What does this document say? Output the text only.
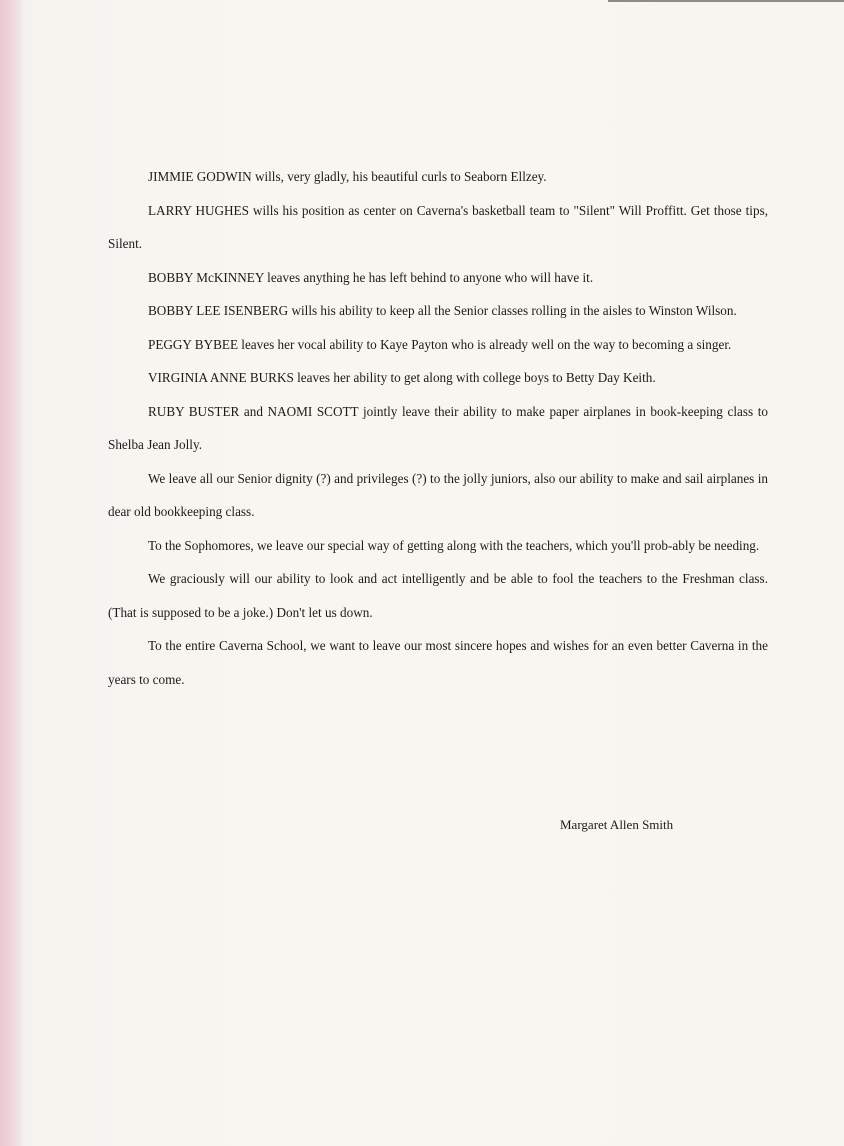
JIMMIE GODWIN wills, very gladly, his beautiful curls to Seaborn Ellzey.

LARRY HUGHES wills his position as center on Caverna's basketball team to "Silent" Will Proffitt. Get those tips, Silent.

BOBBY McKINNEY leaves anything he has left behind to anyone who will have it.

BOBBY LEE ISENBERG wills his ability to keep all the Senior classes rolling in the aisles to Winston Wilson.

PEGGY BYBEE leaves her vocal ability to Kaye Payton who is already well on the way to becoming a singer.

VIRGINIA ANNE BURKS leaves her ability to get along with college boys to Betty Day Keith.

RUBY BUSTER and NAOMI SCOTT jointly leave their ability to make paper airplanes in book-keeping class to Shelba Jean Jolly.

We leave all our Senior dignity (?) and privileges (?) to the jolly juniors, also our ability to make and sail airplanes in dear old bookkeeping class.

To the Sophomores, we leave our special way of getting along with the teachers, which you'll prob-ably be needing.

We graciously will our ability to look and act intelligently and be able to fool the teachers to the Freshman class. (That is supposed to be a joke.) Don't let us down.

To the entire Caverna School, we want to leave our most sincere hopes and wishes for an even better Caverna in the years to come.

Margaret Allen Smith
